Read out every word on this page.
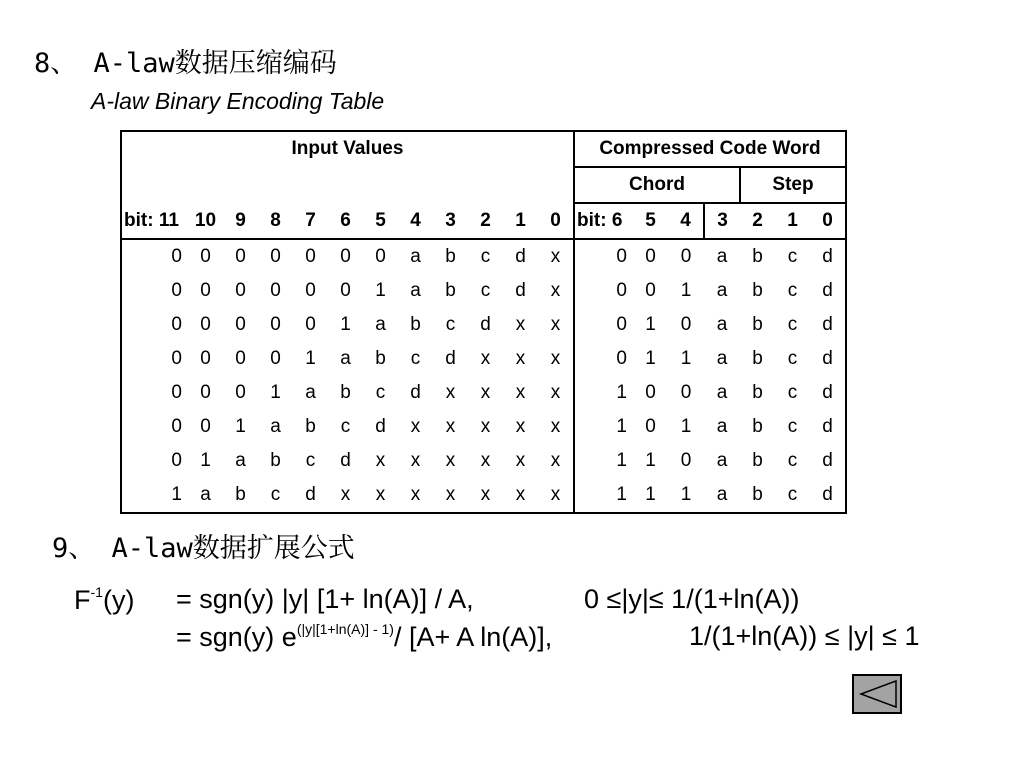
8、 A-law数据压缩编码
A-law Binary Encoding Table
Input Values												Compressed Code Word						
												Chord				Step		
bit: 11	10	9	8	7	6	5	4	3	2	1	0	bit: 6	5	4	3	2	1	0
0	0	0	0	0	0	0	a	b	c	d	x	0	0	0	a	b	c	d
0	0	0	0	0	0	1	a	b	c	d	x	0	0	1	a	b	c	d
0	0	0	0	0	1	a	b	c	d	x	x	0	1	0	a	b	c	d
0	0	0	0	1	a	b	c	d	x	x	x	0	1	1	a	b	c	d
0	0	0	1	a	b	c	d	x	x	x	x	1	0	0	a	b	c	d
0	0	1	a	b	c	d	x	x	x	x	x	1	0	1	a	b	c	d
0	1	a	b	c	d	x	x	x	x	x	x	1	1	0	a	b	c	d
1	a	b	c	d	x	x	x	x	x	x	x	1	1	1	a	b	c	d
9、 A-law数据扩展公式
$F^{-1}(y) = sgn(y)$ |y| [1+ ln(A)] / A,	0 ≤|y|≤ 1/(1+ln(A))
= sgn(y) $e^{(|y|[1+ln(A)] - 1)}/$ [A+ A ln(A)],	1/(1+ln(A)) ≤ |y| ≤ 1
